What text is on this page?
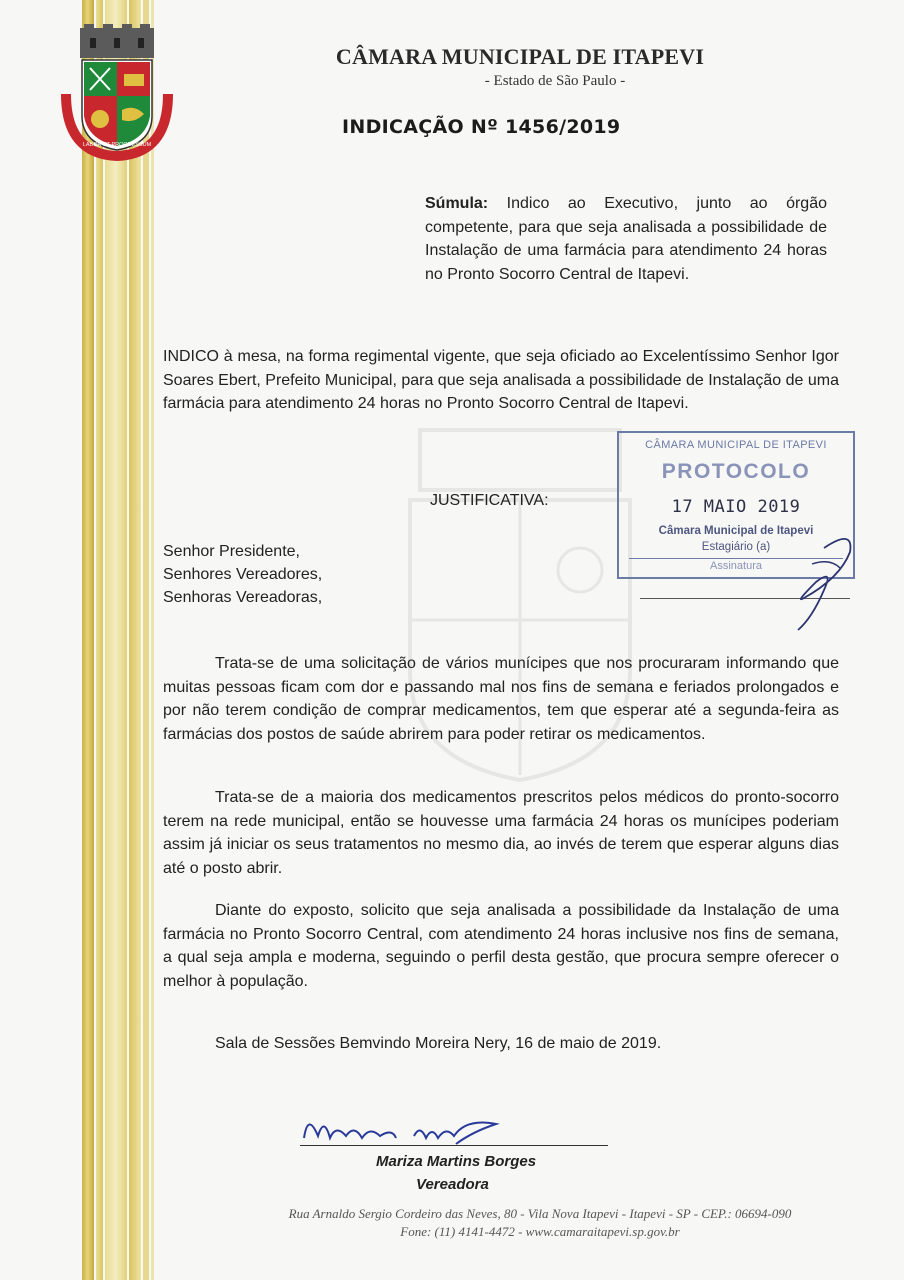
LABOR ET PROGRESSUM
CÂMARA MUNICIPAL DE ITAPEVI
- Estado de São Paulo -
INDICAÇÃO Nº 1456/2019
Súmula: Indico ao Executivo, junto ao órgão competente, para que seja analisada a possibilidade de Instalação de uma farmácia para atendimento 24 horas no Pronto Socorro Central de Itapevi.
INDICO à mesa, na forma regimental vigente, que seja oficiado ao Excelentíssimo Senhor Igor Soares Ebert, Prefeito Municipal, para que seja analisada a possibilidade de Instalação de uma farmácia para atendimento 24 horas no Pronto Socorro Central de Itapevi.
JUSTIFICATIVA:
Senhor Presidente,
Senhores Vereadores,
Senhoras Vereadoras,
CÂMARA MUNICIPAL DE ITAPEVI
PROTOCOLO
17 MAIO 2019
Câmara Municipal de Itapevi
Estagiário (a)
Assinatura
Trata-se de uma solicitação de vários munícipes que nos procuraram informando que muitas pessoas ficam com dor e passando mal nos fins de semana e feriados prolongados e por não terem condição de comprar medicamentos, tem que esperar até a segunda-feira as farmácias dos postos de saúde abrirem para poder retirar os medicamentos.
Trata-se de a maioria dos medicamentos prescritos pelos médicos do pronto-socorro terem na rede municipal, então se houvesse uma farmácia 24 horas os munícipes poderiam assim já iniciar os seus tratamentos no mesmo dia, ao invés de terem que esperar alguns dias até o posto abrir.
Diante do exposto, solicito que seja analisada a possibilidade da Instalação de uma farmácia no Pronto Socorro Central, com atendimento 24 horas inclusive nos fins de semana, a qual seja ampla e moderna, seguindo o perfil desta gestão, que procura sempre oferecer o melhor à população.
Sala de Sessões Bemvindo Moreira Nery, 16 de maio de 2019.
Mariza Martins Borges
Vereadora
Rua Arnaldo Sergio Cordeiro das Neves, 80 - Vila Nova Itapevi - Itapevi - SP - CEP.: 06694-090
Fone: (11) 4141-4472 - www.camaraitapevi.sp.gov.br
